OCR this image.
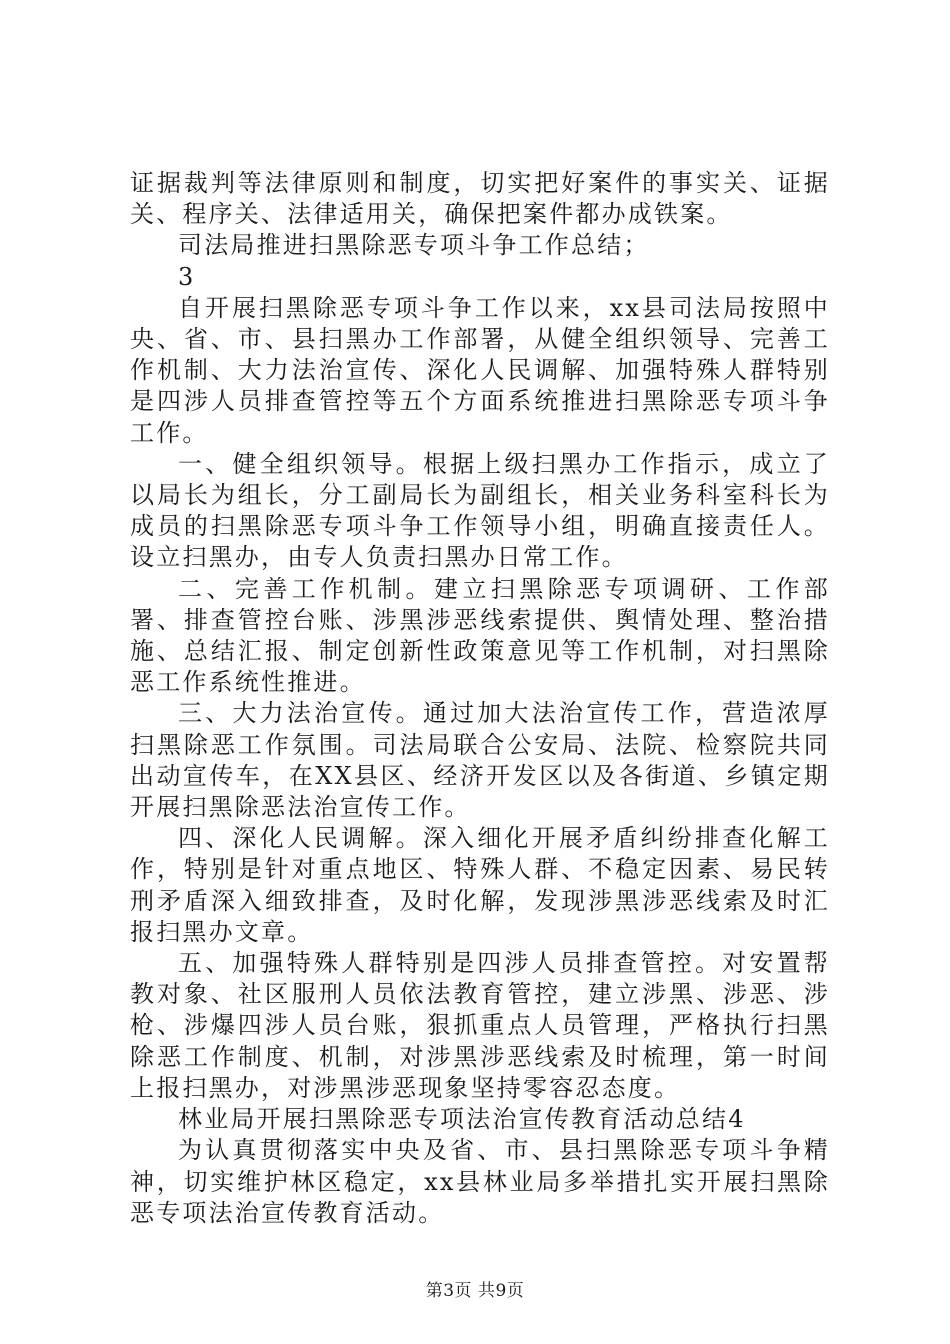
证据裁判等法律原则和制度，切实把好案件的事实关、证据关、程序关、法律适用关，确保把案件都办成铁案。

司法局推进扫黑除恶专项斗争工作总结；

3

自开展扫黑除恶专项斗争工作以来，xx县司法局按照中央、省、市、县扫黑办工作部署，从健全组织领导、完善工作机制、大力法治宣传、深化人民调解、加强特殊人群特别是四涉人员排查管控等五个方面系统推进扫黑除恶专项斗争工作。

一、健全组织领导。根据上级扫黑办工作指示，成立了以局长为组长，分工副局长为副组长，相关业务科室科长为成员的扫黑除恶专项斗争工作领导小组，明确直接责任人。设立扫黑办，由专人负责扫黑办日常工作。

二、完善工作机制。建立扫黑除恶专项调研、工作部署、排查管控台账、涉黑涉恶线索提供、舆情处理、整治措施、总结汇报、制定创新性政策意见等工作机制，对扫黑除恶工作系统性推进。

三、大力法治宣传。通过加大法治宣传工作，营造浓厚扫黑除恶工作氛围。司法局联合公安局、法院、检察院共同出动宣传车，在XX县区、经济开发区以及各街道、乡镇定期开展扫黑除恶法治宣传工作。

四、深化人民调解。深入细化开展矛盾纠纷排查化解工作，特别是针对重点地区、特殊人群、不稳定因素、易民转刑矛盾深入细致排查，及时化解，发现涉黑涉恶线索及时汇报扫黑办文章。

五、加强特殊人群特别是四涉人员排查管控。对安置帮教对象、社区服刑人员依法教育管控，建立涉黑、涉恶、涉枪、涉爆四涉人员台账，狠抓重点人员管理，严格执行扫黑除恶工作制度、机制，对涉黑涉恶线索及时梳理，第一时间上报扫黑办，对涉黑涉恶现象坚持零容忍态度。

林业局开展扫黑除恶专项法治宣传教育活动总结4

为认真贯彻落实中央及省、市、县扫黑除恶专项斗争精神，切实维护林区稳定，xx县林业局多举措扎实开展扫黑除恶专项法治宣传教育活动。

第3页 共9页
